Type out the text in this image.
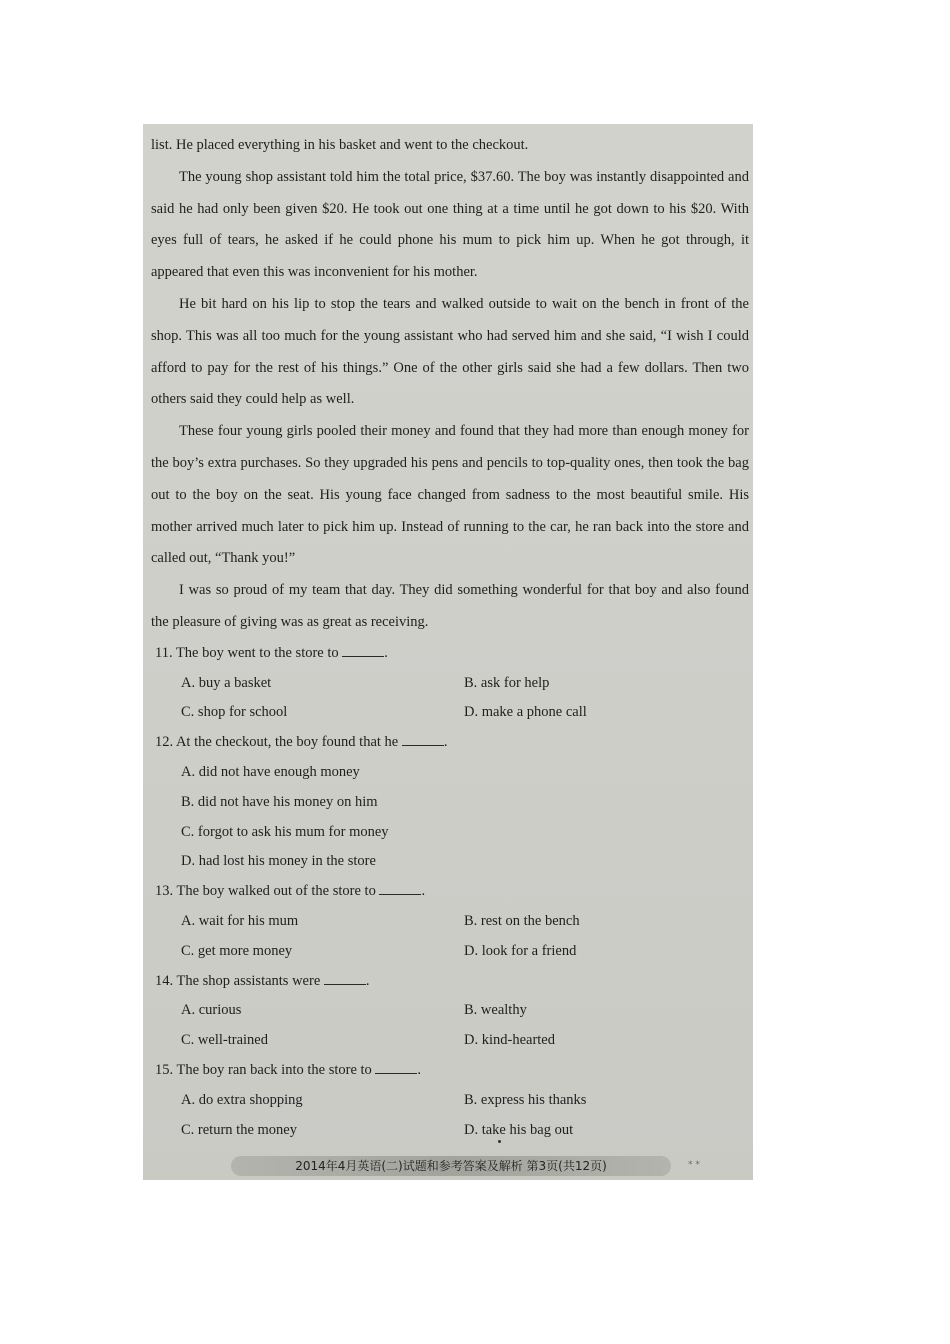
list. He placed everything in his basket and went to the checkout.

The young shop assistant told him the total price, $37.60. The boy was instantly disappointed and said he had only been given $20. He took out one thing at a time until he got down to his $20. With eyes full of tears, he asked if he could phone his mum to pick him up. When he got through, it appeared that even this was inconvenient for his mother.

He bit hard on his lip to stop the tears and walked outside to wait on the bench in front of the shop. This was all too much for the young assistant who had served him and she said, “I wish I could afford to pay for the rest of his things.” One of the other girls said she had a few dollars. Then two others said they could help as well.

These four young girls pooled their money and found that they had more than enough money for the boy’s extra purchases. So they upgraded his pens and pencils to top-quality ones, then took the bag out to the boy on the seat. His young face changed from sadness to the most beautiful smile. His mother arrived much later to pick him up. Instead of running to the car, he ran back into the store and called out, “Thank you!”

I was so proud of my team that day. They did something wonderful for that boy and also found the pleasure of giving was as great as receiving.

11. The boy went to the store to	.

A. buy a basket	B. ask for help
C. shop for school	D. make a phone call

12. At the checkout, the boy found that he	.

A. did not have enough money
B. did not have his money on him
C. forgot to ask his mum for money
D. had lost his money in the store

13. The boy walked out of the store to	.

A. wait for his mum	B. rest on the bench
C. get more money	D. look for a friend

14. The shop assistants were	.

A. curious	B. wealthy
C. well-trained	D. kind-hearted

15. The boy ran back into the store to	.

A. do extra shopping	B. express his thanks
C. return the money	D. take his bag out
2014年4月英语(二)试题和参考答案及解析 第3页(共12页)	* *
